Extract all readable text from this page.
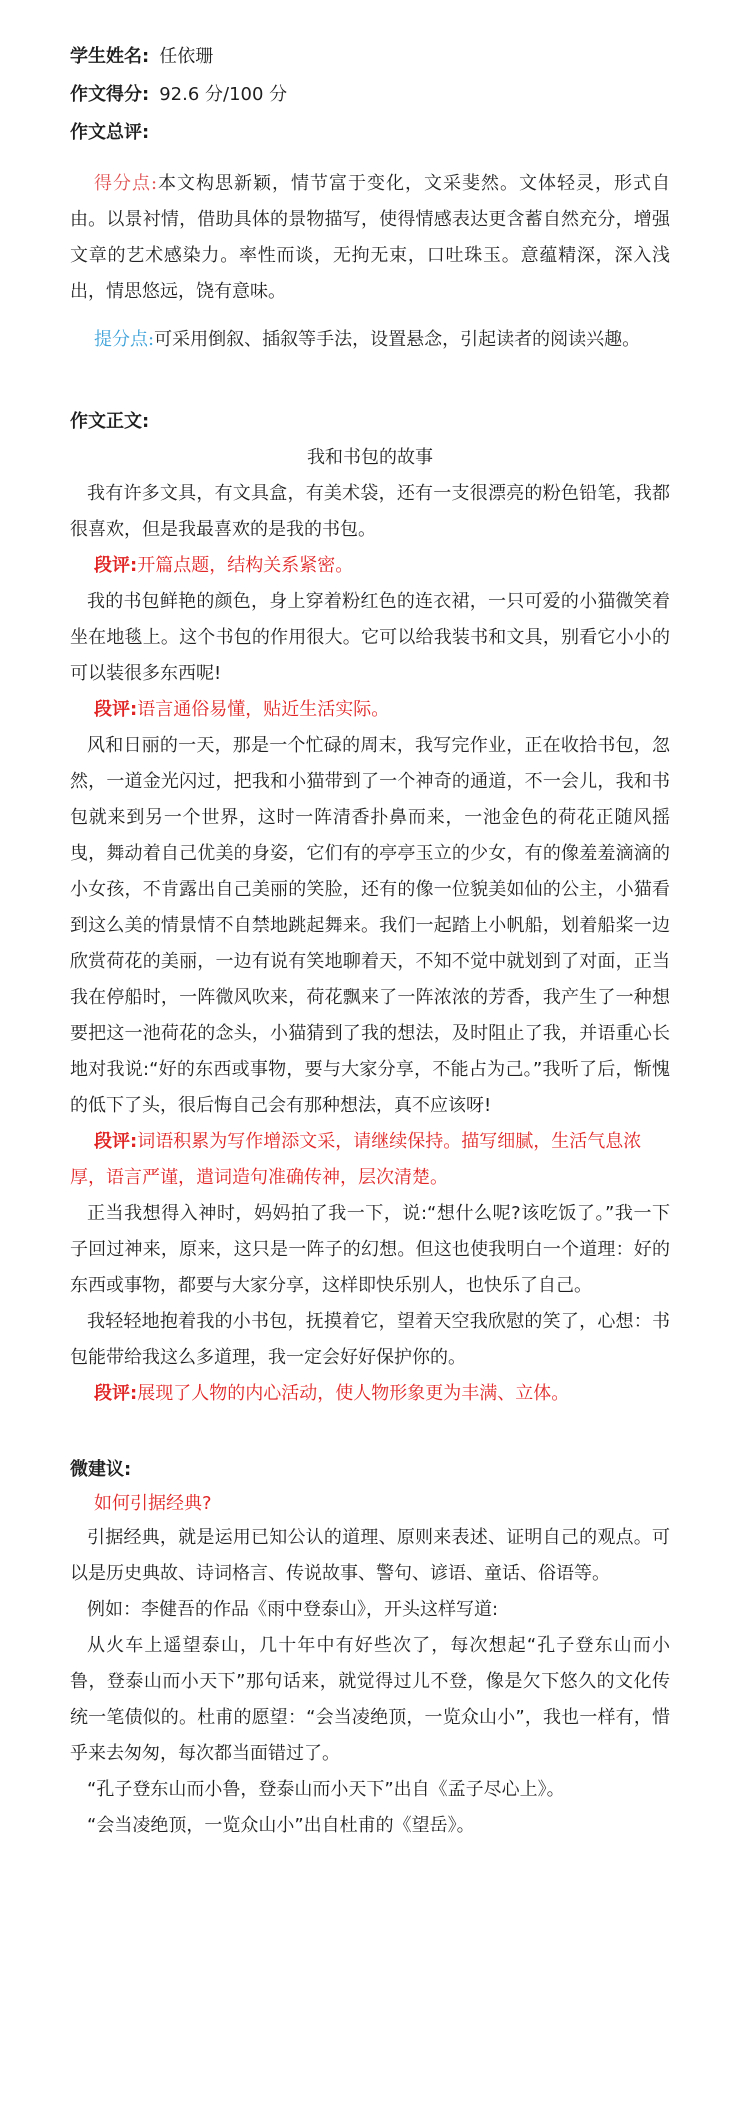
学生姓名: 任依珊
作文得分: 92.6 分/100 分
作文总评:
得分点:本文构思新颖，情节富于变化，文采斐然。文体轻灵，形式自由。以景衬情，借助具体的景物描写，使得情感表达更含蓄自然充分，增强文章的艺术感染力。率性而谈，无拘无束，口吐珠玉。意蕴精深，深入浅出，情思悠远，饶有意味。
提分点:可采用倒叙、插叙等手法，设置悬念，引起读者的阅读兴趣。
作文正文:
我和书包的故事
我有许多文具，有文具盒，有美术袋，还有一支很漂亮的粉色铅笔，我都很喜欢，但是我最喜欢的是我的书包。
段评:开篇点题，结构关系紧密。
我的书包鲜艳的颜色，身上穿着粉红色的连衣裙，一只可爱的小猫微笑着坐在地毯上。这个书包的作用很大。它可以给我装书和文具，别看它小小的可以装很多东西呢!
段评:语言通俗易懂，贴近生活实际。
风和日丽的一天，那是一个忙碌的周末，我写完作业，正在收拾书包，忽然，一道金光闪过，把我和小猫带到了一个神奇的通道，不一会儿，我和书包就来到另一个世界，这时一阵清香扑鼻而来，一池金色的荷花正随风摇曳，舞动着自己优美的身姿，它们有的亭亭玉立的少女，有的像羞羞滴滴的小女孩，不肯露出自己美丽的笑脸，还有的像一位貌美如仙的公主，小猫看到这么美的情景情不自禁地跳起舞来。我们一起踏上小帆船，划着船桨一边欣赏荷花的美丽，一边有说有笑地聊着天，不知不觉中就划到了对面，正当我在停船时，一阵微风吹来，荷花飘来了一阵浓浓的芳香，我产生了一种想要把这一池荷花的念头，小猫猜到了我的想法，及时阻止了我，并语重心长地对我说:“好的东西或事物，要与大家分享，不能占为己。”我听了后，惭愧的低下了头，很后悔自己会有那种想法，真不应该呀!
段评:词语积累为写作增添文采，请继续保持。描写细腻，生活气息浓厚，语言严谨，遣词造句准确传神，层次清楚。
正当我想得入神时，妈妈拍了我一下，说:“想什么呢?该吃饭了。”我一下子回过神来，原来，这只是一阵子的幻想。但这也使我明白一个道理：好的东西或事物，都要与大家分享，这样即快乐别人，也快乐了自己。
我轻轻地抱着我的小书包，抚摸着它，望着天空我欣慰的笑了，心想：书包能带给我这么多道理，我一定会好好保护你的。
段评:展现了人物的内心活动，使人物形象更为丰满、立体。
微建议:
如何引据经典?
引据经典，就是运用已知公认的道理、原则来表述、证明自己的观点。可以是历史典故、诗词格言、传说故事、警句、谚语、童话、俗语等。
例如：李健吾的作品《雨中登泰山》，开头这样写道:
从火车上遥望泰山，几十年中有好些次了，每次想起“孔子登东山而小鲁，登泰山而小天下”那句话来，就觉得过儿不登，像是欠下悠久的文化传统一笔债似的。杜甫的愿望：“会当凌绝顶，一览众山小”，我也一样有，惜乎来去匆匆，每次都当面错过了。
“孔子登东山而小鲁，登泰山而小天下”出自《孟子尽心上》。
“会当凌绝顶，一览众山小”出自杜甫的《望岳》。
